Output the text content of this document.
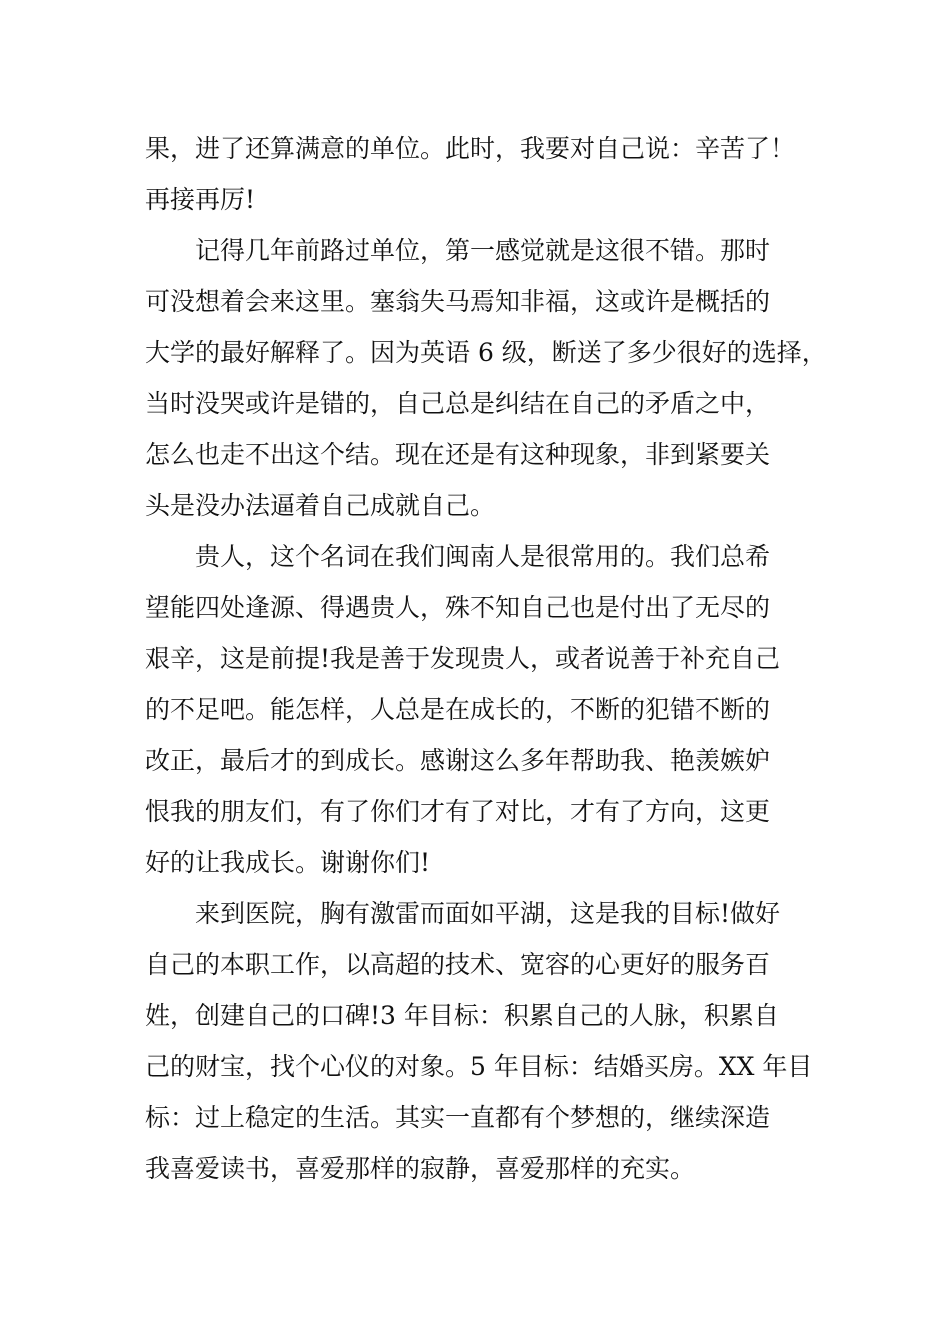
果，进了还算满意的单位。此时，我要对自己说：辛苦了！
再接再厉!
记得几年前路过单位，第一感觉就是这很不错。那时
可没想着会来这里。塞翁失马焉知非福，这或许是概括的
大学的最好解释了。因为英语 6 级，断送了多少很好的选择，
当时没哭或许是错的，自己总是纠结在自己的矛盾之中，
怎么也走不出这个结。现在还是有这种现象，非到紧要关
头是没办法逼着自己成就自己。
贵人，这个名词在我们闽南人是很常用的。我们总希
望能四处逢源、得遇贵人，殊不知自己也是付出了无尽的
艰辛，这是前提!我是善于发现贵人，或者说善于补充自己
的不足吧。能怎样，人总是在成长的，不断的犯错不断的
改正，最后才的到成长。感谢这么多年帮助我、艳羡嫉妒
恨我的朋友们，有了你们才有了对比，才有了方向，这更
好的让我成长。谢谢你们!
来到医院，胸有激雷而面如平湖，这是我的目标!做好
自己的本职工作，以高超的技术、宽容的心更好的服务百
姓，创建自己的口碑!3 年目标：积累自己的人脉，积累自
己的财宝，找个心仪的对象。5 年目标：结婚买房。XX 年目
标：过上稳定的生活。其实一直都有个梦想的，继续深造
我喜爱读书，喜爱那样的寂静，喜爱那样的充实。
